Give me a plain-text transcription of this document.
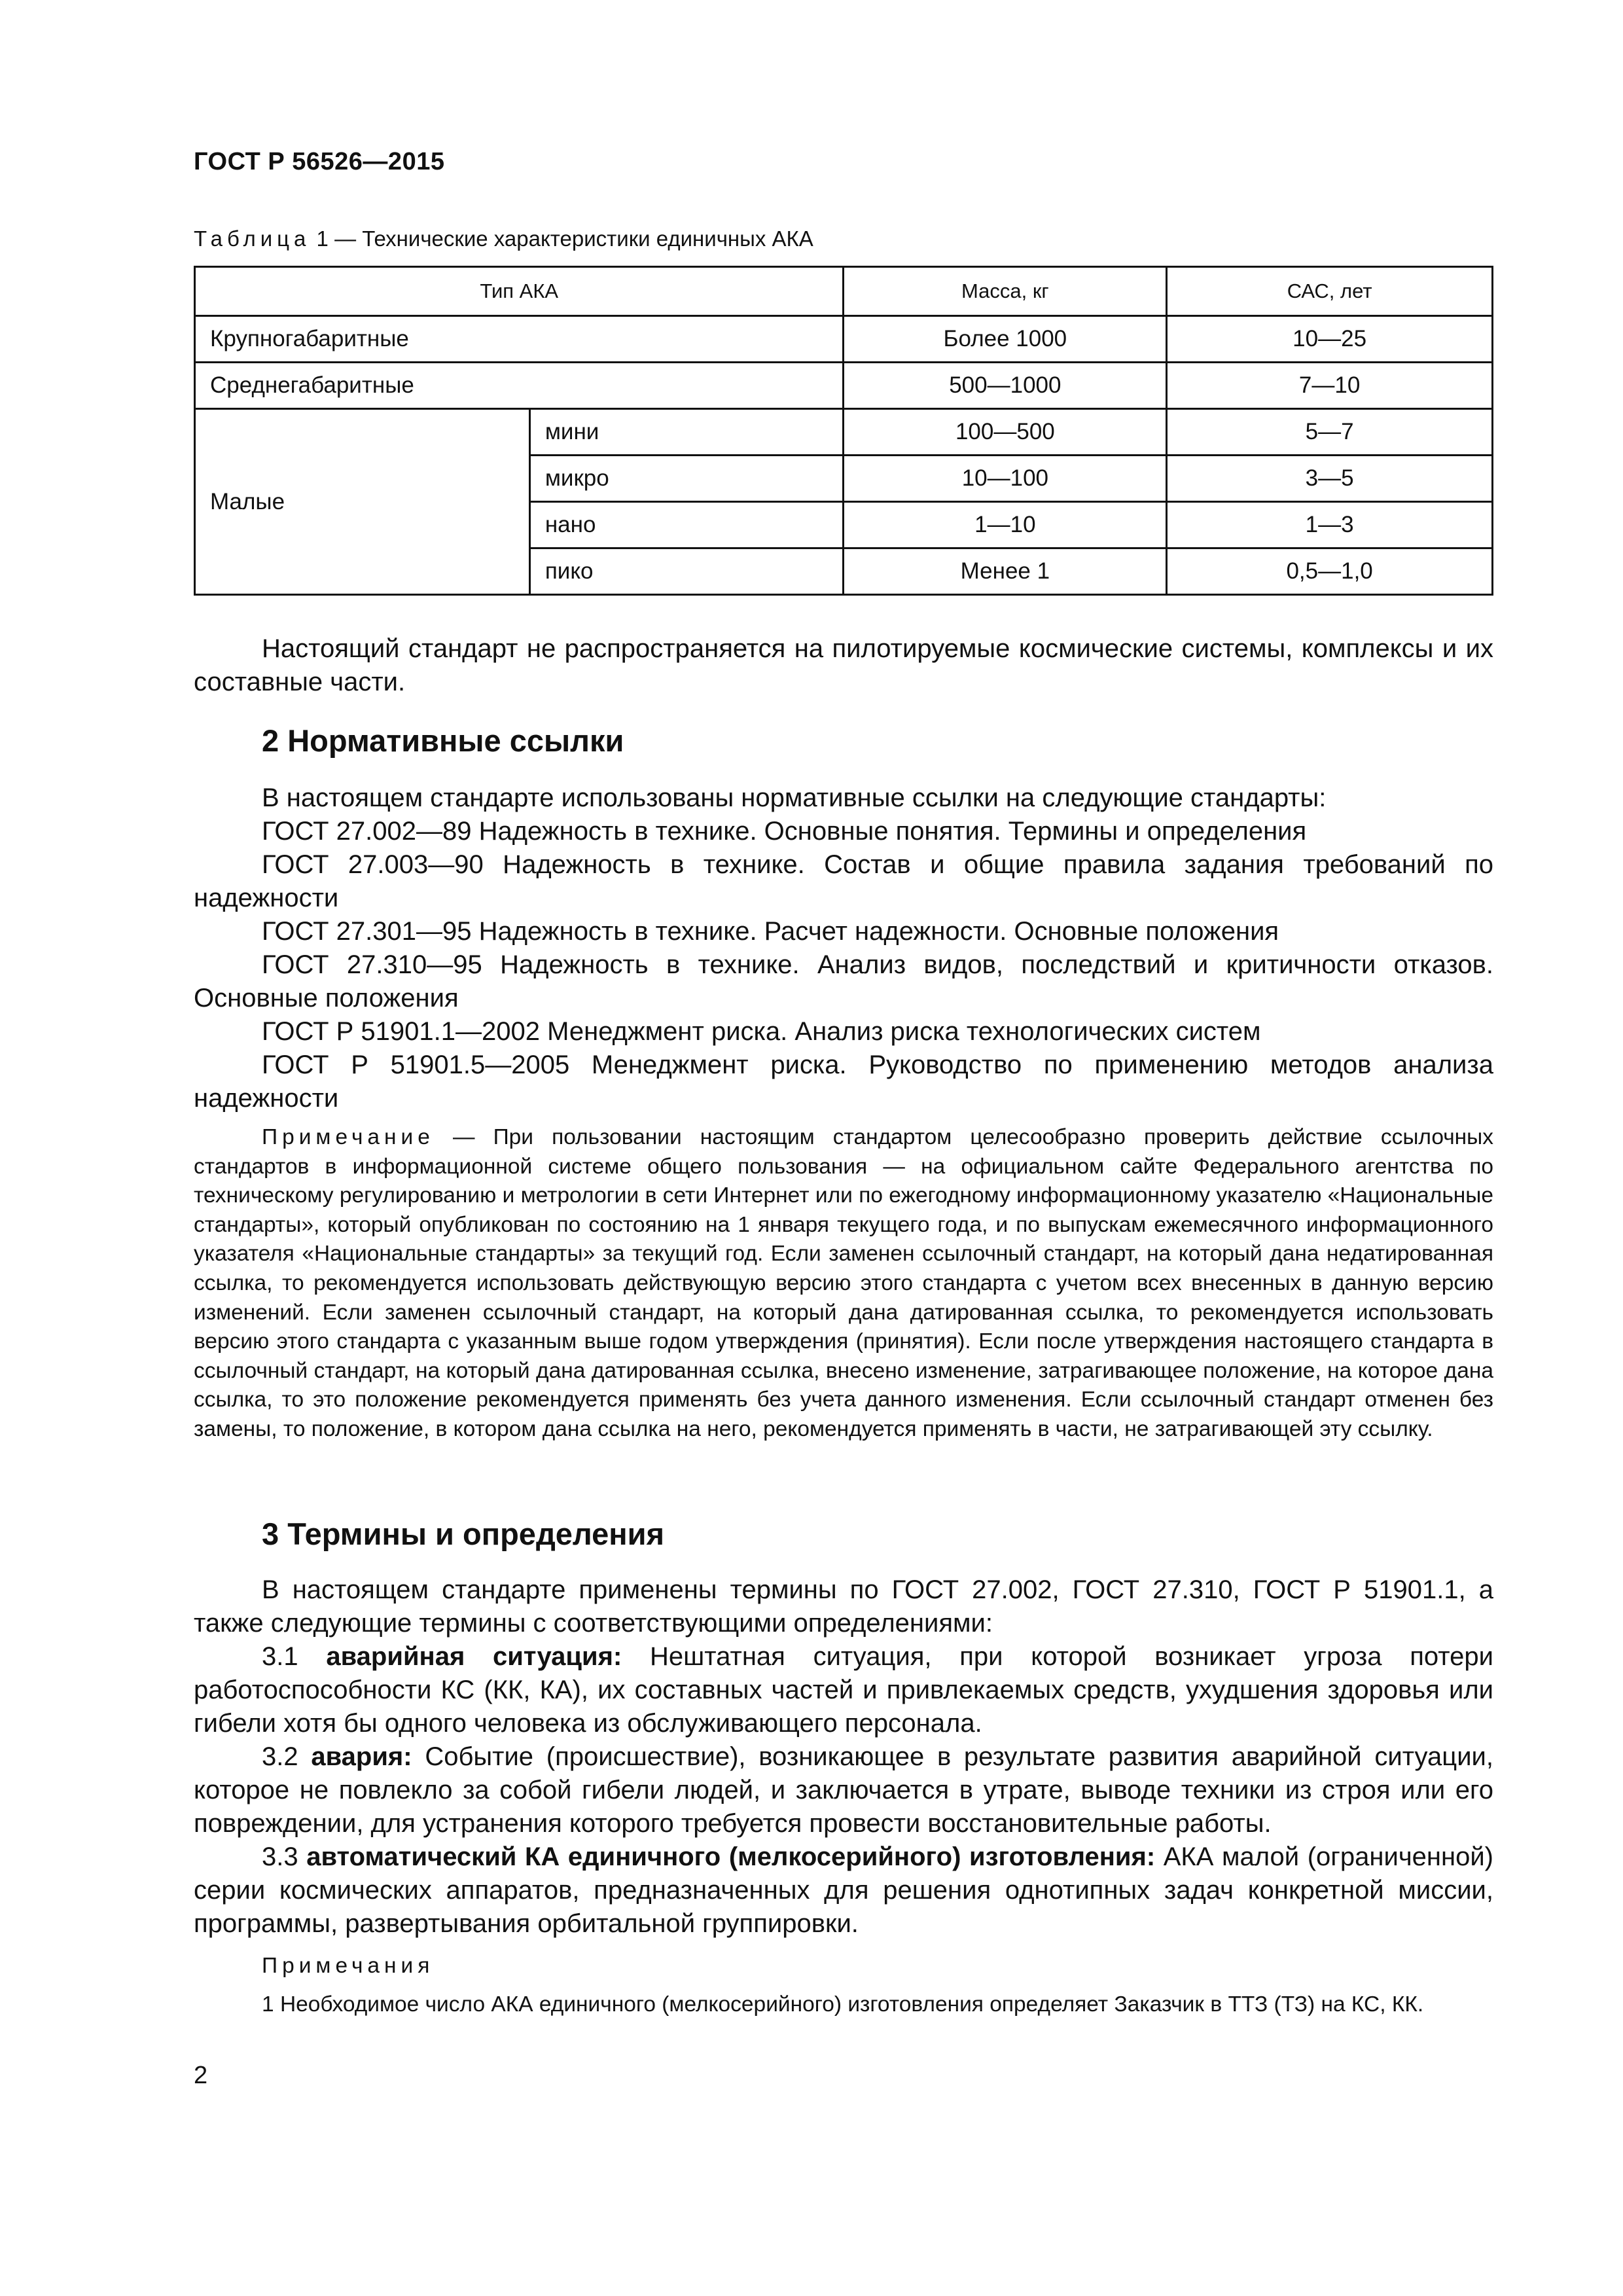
ГОСТ Р 56526—2015
Таблица 1 — Технические характеристики единичных АКА
Тип АКА		Масса, кг	САС, лет
Крупногабаритные		Более 1000	10—25
Среднегабаритные		500—1000	7—10
Малые	мини	100—500	5—7
	микро	10—100	3—5
	нано	1—10	1—3
	пико	Менее 1	0,5—1,0

Настоящий стандарт не распространяется на пилотируемые космические системы, комплексы и их составные части.

2 Нормативные ссылки

В настоящем стандарте использованы нормативные ссылки на следующие стандарты:

ГОСТ 27.002—89 Надежность в технике. Основные понятия. Термины и определения

ГОСТ 27.003—90 Надежность в технике. Состав и общие правила задания требований по надежности

ГОСТ 27.301—95 Надежность в технике. Расчет надежности. Основные положения

ГОСТ 27.310—95 Надежность в технике. Анализ видов, последствий и критичности отказов. Основные положения

ГОСТ Р 51901.1—2002 Менеджмент риска. Анализ риска технологических систем

ГОСТ Р 51901.5—2005 Менеджмент риска. Руководство по применению методов анализа надежности

Примечание — При пользовании настоящим стандартом целесообразно проверить действие ссылочных стандартов в информационной системе общего пользования — на официальном сайте Федерального агентства по техническому регулированию и метрологии в сети Интернет или по ежегодному информационному указателю «Национальные стандарты», который опубликован по состоянию на 1 января текущего года, и по выпускам ежемесячного информационного указателя «Национальные стандарты» за текущий год. Если заменен ссылочный стандарт, на который дана недатированная ссылка, то рекомендуется использовать действующую версию этого стандарта с учетом всех внесенных в данную версию изменений. Если заменен ссылочный стандарт, на который дана датированная ссылка, то рекомендуется использовать версию этого стандарта с указанным выше годом утверждения (принятия). Если после утверждения настоящего стандарта в ссылочный стандарт, на который дана датированная ссылка, внесено изменение, затрагивающее положение, на которое дана ссылка, то это положение рекомендуется применять без учета данного изменения. Если ссылочный стандарт отменен без замены, то положение, в котором дана ссылка на него, рекомендуется применять в части, не затрагивающей эту ссылку.

3 Термины и определения

В настоящем стандарте применены термины по ГОСТ 27.002, ГОСТ 27.310, ГОСТ Р 51901.1, а также следующие термины с соответствующими определениями:

3.1 аварийная ситуация: Нештатная ситуация, при которой возникает угроза потери работоспособности КС (КК, КА), их составных частей и привлекаемых средств, ухудшения здоровья или гибели хотя бы одного человека из обслуживающего персонала.

3.2 авария: Событие (происшествие), возникающее в результате развития аварийной ситуации, которое не повлекло за собой гибели людей, и заключается в утрате, выводе техники из строя или его повреждении, для устранения которого требуется провести восстановительные работы.

3.3 автоматический КА единичного (мелкосерийного) изготовления: АКА малой (ограниченной) серии космических аппаратов, предназначенных для решения однотипных задач конкретной миссии, программы, развертывания орбитальной группировки.

Примечания

1 Необходимое число АКА единичного (мелкосерийного) изготовления определяет Заказчик в ТТЗ (ТЗ) на КС, КК.

2
